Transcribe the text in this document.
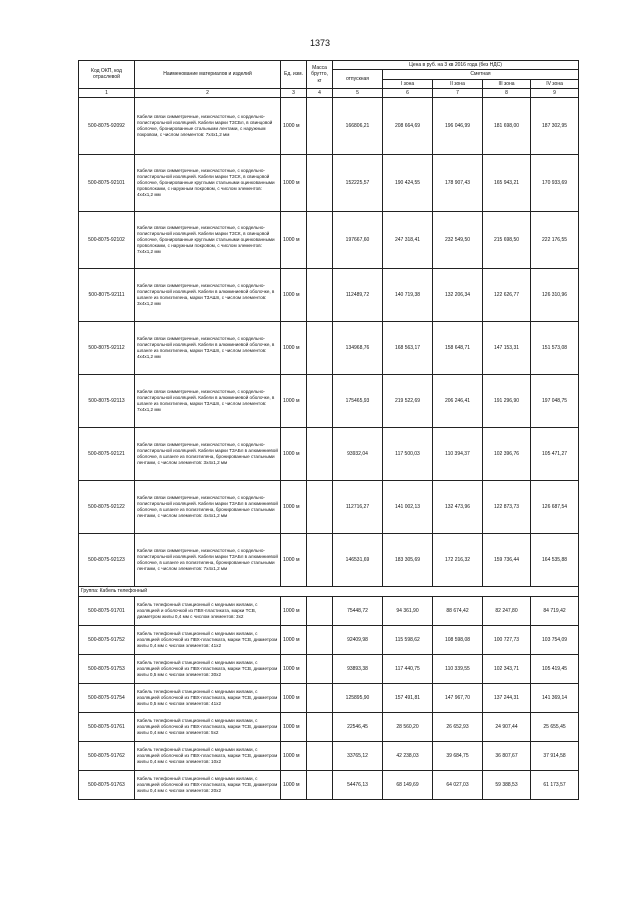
1373
Код ОКП, код отраслевой	Наименование материалов и изделий	Ед. изм.	Масса брутто, кг	Цена в руб. на 3 кв 2016 года (без НДС)				
				отпускная	Сметная			
					I зона	II зона	III зона	IV зона
1	2	3	4	5	6	7	8	9
500-8075-92092	Кабели связи симметричные, низкочастотные, с кордельно-полистирольной изоляцией. Кабели марки ТЗСБл, в свинцовой оболочке, бронированные стальными лентами, с наружным покровом, с числом элементов: 7х4х1,2 мм	1000 м		166806,21	208 664,69	196 046,99	181 698,00	187 302,95
500-8075-92101	Кабели связи симметричные, низкочастотные, с кордельно-полистирольной изоляцией. Кабели марки ТЗСК, в свинцовой оболочке, бронированные круглыми стальными оцинкованными проволоками, с наружным покровом, с числом элементов: 4х4х1,2 мм	1000 м		152225,57	190 424,55	178 907,43	165 943,21	170 933,69
500-8075-92102	Кабели связи симметричные, низкочастотные, с кордельно-полистирольной изоляцией. Кабели марки ТЗСК, в свинцовой оболочке, бронированные круглыми стальными оцинкованными проволоками, с наружным покровом, с числом элементов: 7х4х1,2 мм	1000 м		197667,60	247 318,41	232 549,50	215 698,50	222 176,55
500-8075-92111	Кабели связи симметричные, низкочастотные, с кордельно-полистирольной изоляцией. Кабели в алюминиевой оболочке, в шланге из полиэтилена, марки ТЗАШп, с числом элементов: 3х4х1,2 мм	1000 м		112489,72	140 719,38	132 206,34	122 626,77	126 310,96
500-8075-92112	Кабели связи симметричные, низкочастотные, с кордельно-полистирольной изоляцией. Кабели в алюминиевой оболочке, в шланге из полиэтилена, марки ТЗАШп, с числом элементов: 4х4х1,2 мм	1000 м		134968,76	168 563,17	158 648,71	147 153,31	151 573,08
500-8075-92113	Кабели связи симметричные, низкочастотные, с кордельно-полистирольной изоляцией. Кабели в алюминиевой оболочке, в шланге из полиэтилена, марки ТЗАШп, с числом элементов: 7х4х1,2 мм	1000 м		175465,93	219 522,69	206 246,41	191 296,90	197 048,75
500-8075-92121	Кабели связи симметричные, низкочастотные, с кордельно-полистирольной изоляцией. Кабели марки ТЗАБл в алюминиевой оболочке, в шланге из полиэтилена, бронированные стальными лентами, с числом элементов: 3х4х1,2 мм	1000 м		93932,04	117 500,03	110 394,37	102 396,76	105 471,27
500-8075-92122	Кабели связи симметричные, низкочастотные, с кордельно-полистирольной изоляцией. Кабели марки ТЗАБл в алюминиевой оболочке, в шланге из полиэтилена, бронированные стальными лентами, с числом элементов: 4х4х1,2 мм	1000 м		112716,27	141 002,13	132 473,96	122 873,73	126 687,54
500-8075-92123	Кабели связи симметричные, низкочастотные, с кордельно-полистирольной изоляцией. Кабели марки ТЗАБл в алюминиевой оболочке, в шланге из полиэтилена, бронированные стальными лентами, с числом элементов: 7х4х1,2 мм	1000 м		146531,69	183 305,69	172 216,32	159 736,44	164 535,88
Группа: Кабель телефонный								
500-8075-91701	Кабель телефонный станционный с медными жилами, с изоляцией и оболочкой из ПВХ-пластиката, марки ТСВ, диаметром жилы 0,4 мм с числом элементов: 3х2	1000 м		75448,72	94 361,90	88 674,42	82 247,80	84 719,42
500-8075-91752	Кабель телефонный станционный с медными жилами, с изоляцией оболочкой из ПВХ-пластиката, марки ТСВ, диаметром жилы 0,4 мм с числом элементов: 41х2	1000 м		92409,98	115 598,62	108 598,08	100 727,73	103 754,09
500-8075-91753	Кабель телефонный станционный с медными жилами, с изоляцией оболочкой из ПВХ-пластиката, марки ТСВ, диаметром жилы 0,5 мм с числом элементов: 30х2	1000 м		93893,38	117 440,75	110 339,55	102 343,71	105 419,45
500-8075-91754	Кабель телефонный станционный с медными жилами, с изоляцией оболочкой из ПВХ-пластиката, марки ТСВ, диаметром жилы 0,5 мм с числом элементов: 41х2	1000 м		125895,90	157 491,81	147 967,70	137 244,31	141 369,14
500-8075-91761	Кабель телефонный станционный с медными жилами, с изоляцией оболочкой из ПВХ-пластиката, марки ТСВ, диаметром жилы 0,4 мм с числом элементов: 5х2	1000 м		22546,45	28 560,20	26 652,93	24 907,44	25 655,45
500-8075-91762	Кабель телефонный станционный с медными жилами, с изоляцией оболочкой из ПВХ-пластиката, марки ТСВ, диаметром жилы 0,4 мм с числом элементов: 10х2	1000 м		33765,12	42 238,03	39 684,75	36 807,67	37 914,58
500-8075-91763	Кабель телефонный станционный с медными жилами, с изоляцией оболочкой из ПВХ-пластиката, марки ТСВ, диаметром жилы 0,4 мм с числом элементов: 20х2	1000 м		54476,13	68 149,69	64 027,03	59 388,53	61 173,57
